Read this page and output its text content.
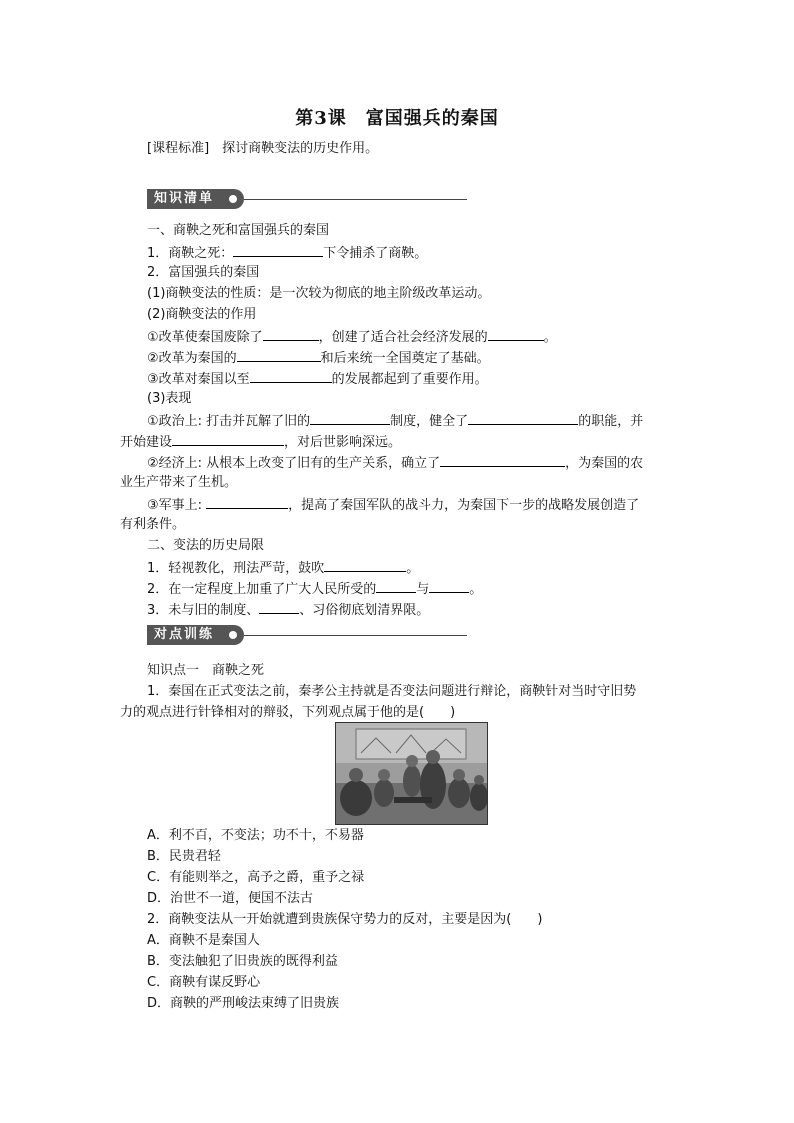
第3课　富国强兵的秦国
[课程标准]　探讨商鞅变法的历史作用。
知识清单
一、商鞅之死和富国强兵的秦国
1．商鞅之死：	下令捕杀了商鞅。
2．富国强兵的秦国
(1)商鞅变法的性质：是一次较为彻底的地主阶级改革运动。
(2)商鞅变法的作用
①改革使秦国废除了	，创建了适合社会经济发展的	。
②改革为秦国的	和后来统一全国奠定了基础。
③改革对秦国以至	的发展都起到了重要作用。
(3)表现
①政治上: 打击并瓦解了旧的	制度，健全了	的职能，并
开始建设	，对后世影响深远。
②经济上: 从根本上改变了旧有的生产关系，确立了	，为秦国的农
业生产带来了生机。
③军事上:	，提高了秦国军队的战斗力，为秦国下一步的战略发展创造了
有利条件。
二、变法的历史局限
1．轻视教化，刑法严苛，鼓吹	。
2．在一定程度上加重了广大人民所受的	与	。
3．未与旧的制度、	、习俗彻底划清界限。
对点训练
知识点一　商鞅之死
1．秦国在正式变法之前，秦孝公主持就是否变法问题进行辩论，商鞅针对当时守旧势
力的观点进行针锋相对的辩驳，下列观点属于他的是(　　)
A．利不百，不变法；功不十，不易器
B．民贵君轻
C．有能则举之，高予之爵，重予之禄
D．治世不一道，便国不法古
2．商鞅变法从一开始就遭到贵族保守势力的反对，主要是因为(　　)
A．商鞅不是秦国人
B．变法触犯了旧贵族的既得利益
C．商鞅有谋反野心
D．商鞅的严刑峻法束缚了旧贵族
